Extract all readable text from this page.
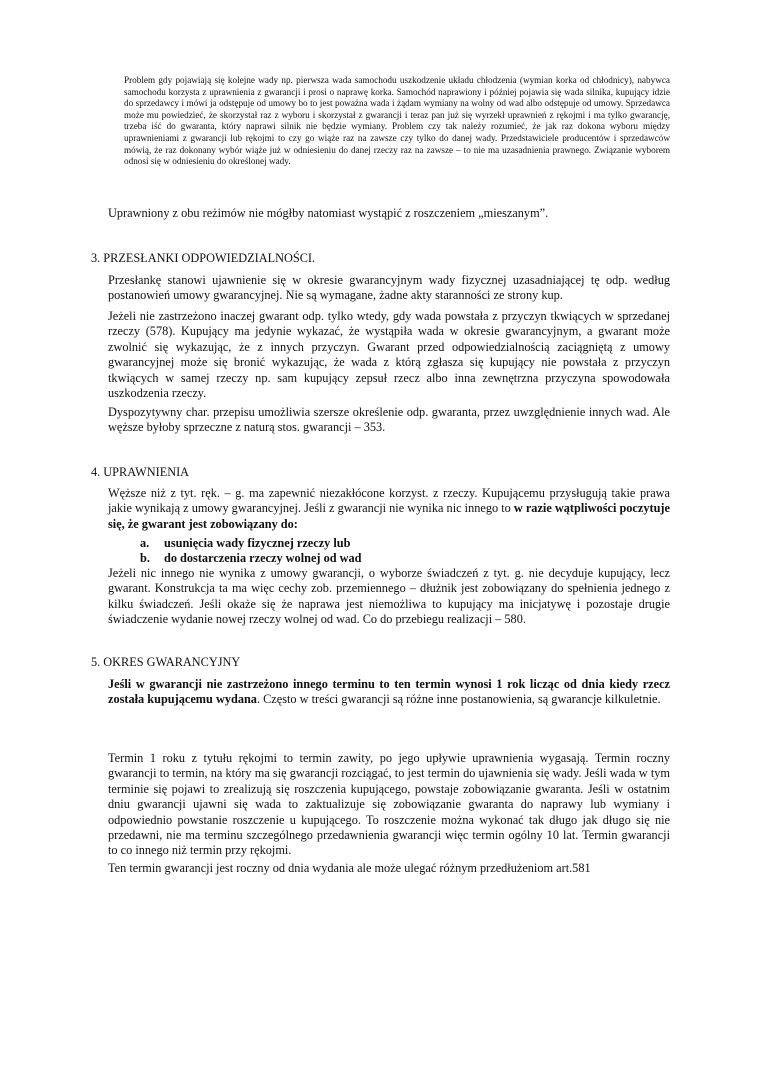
Problem gdy pojawiają się kolejne wady np. pierwsza wada samochodu uszkodzenie układu chłodzenia (wymian korka od chłodnicy), nabywca samochodu korzysta z uprawnienia z gwarancji i prosi o naprawę korka. Samochód naprawiony i później pojawia się wada silnika, kupujący idzie do sprzedawcy i mówi ja odstępuje od umowy bo to jest poważna wada i żądam wymiany na wolny od wad albo odstępuje od umowy. Sprzedawca może mu powiedzieć, że skorzystał raz z wyboru i skorzystał z gwarancji i teraz pan już się wyrzekł uprawnień z rękojmi i ma tylko gwarancję, trzeba iść do gwaranta, który naprawi silnik nie będzie wymiany. Problem czy tak należy rozumieć, że jak raz dokona wyboru między uprawnieniami z gwarancji lub rękojmi to czy go wiąże raz na zawsze czy tylko do danej wady. Przedstawiciele producentów i sprzedawców mówią, że raz dokonany wybór wiąże już w odniesieniu do danej rzeczy raz na zawsze – to nie ma uzasadnienia prawnego. Związanie wyborem odnosi się w odniesieniu do określonej wady.

Uprawniony z obu reżimów nie mógłby natomiast wystąpić z roszczeniem „mieszanym”.

3. PRZESŁANKI ODPOWIEDZIALNOŚCI.

Przesłankę stanowi ujawnienie się w okresie gwarancyjnym wady fizycznej uzasadniającej tę odp. według postanowień umowy gwarancyjnej. Nie są wymagane, żadne akty staranności ze strony kup.

Jeżeli nie zastrzeżono inaczej gwarant odp. tylko wtedy, gdy wada powstała z przyczyn tkwiących w sprzedanej rzeczy (578). Kupujący ma jedynie wykazać, że wystąpiła wada w okresie gwarancyjnym, a gwarant może zwolnić się wykazując, że z innych przyczyn. Gwarant przed odpowiedzialnością zaciągniętą z umowy gwarancyjnej może się bronić wykazując, że wada z którą zgłasza się kupujący nie powstała z przyczyn tkwiących w samej rzeczy np. sam kupujący zepsuł rzecz albo inna zewnętrzna przyczyna spowodowała uszkodzenia rzeczy.

Dyspozytywny char. przepisu umożliwia szersze określenie odp. gwaranta, przez uwzględnienie innych wad. Ale węższe byłoby sprzeczne z naturą stos. gwarancji – 353.

4. UPRAWNIENIA

Węższe niż z tyt. ręk. – g. ma zapewnić niezakłócone korzyst. z rzeczy. Kupującemu przysługują takie prawa jakie wynikają z umowy gwarancyjnej. Jeśli z gwarancji nie wynika nic innego to w razie wątpliwości poczytuje się, że gwarant jest zobowiązany do:

a. usunięcia wady fizycznej rzeczy lub
b. do dostarczenia rzeczy wolnej od wad

Jeżeli nic innego nie wynika z umowy gwarancji, o wyborze świadczeń z tyt. g. nie decyduje kupujący, lecz gwarant. Konstrukcja ta ma więc cechy zob. przemiennego – dłużnik jest zobowiązany do spełnienia jednego z kilku świadczeń. Jeśli okaże się że naprawa jest niemożliwa to kupujący ma inicjatywę i pozostaje drugie świadczenie wydanie nowej rzeczy wolnej od wad. Co do przebiegu realizacji – 580.

5. OKRES GWARANCYJNY

Jeśli w gwarancji nie zastrzeżono innego terminu to ten termin wynosi 1 rok licząc od dnia kiedy rzecz została kupującemu wydana. Często w treści gwarancji są różne inne postanowienia, są gwarancje kilkuletnie.

Termin 1 roku z tytułu rękojmi to termin zawity, po jego upływie uprawnienia wygasają. Termin roczny gwarancji to termin, na który ma się gwarancji rozciągać, to jest termin do ujawnienia się wady. Jeśli wada w tym terminie się pojawi to zrealizują się roszczenia kupującego, powstaje zobowiązanie gwaranta. Jeśli w ostatnim dniu gwarancji ujawni się wada to zaktualizuje się zobowiązanie gwaranta do naprawy lub wymiany i odpowiednio powstanie roszczenie u kupującego. To roszczenie można wykonać tak długo jak długo się nie przedawni, nie ma terminu szczególnego przedawnienia gwarancji więc termin ogólny 10 lat. Termin gwarancji to co innego niż termin przy rękojmi.

Ten termin gwarancji jest roczny od dnia wydania ale może ulegać różnym przedłużeniom art.581
